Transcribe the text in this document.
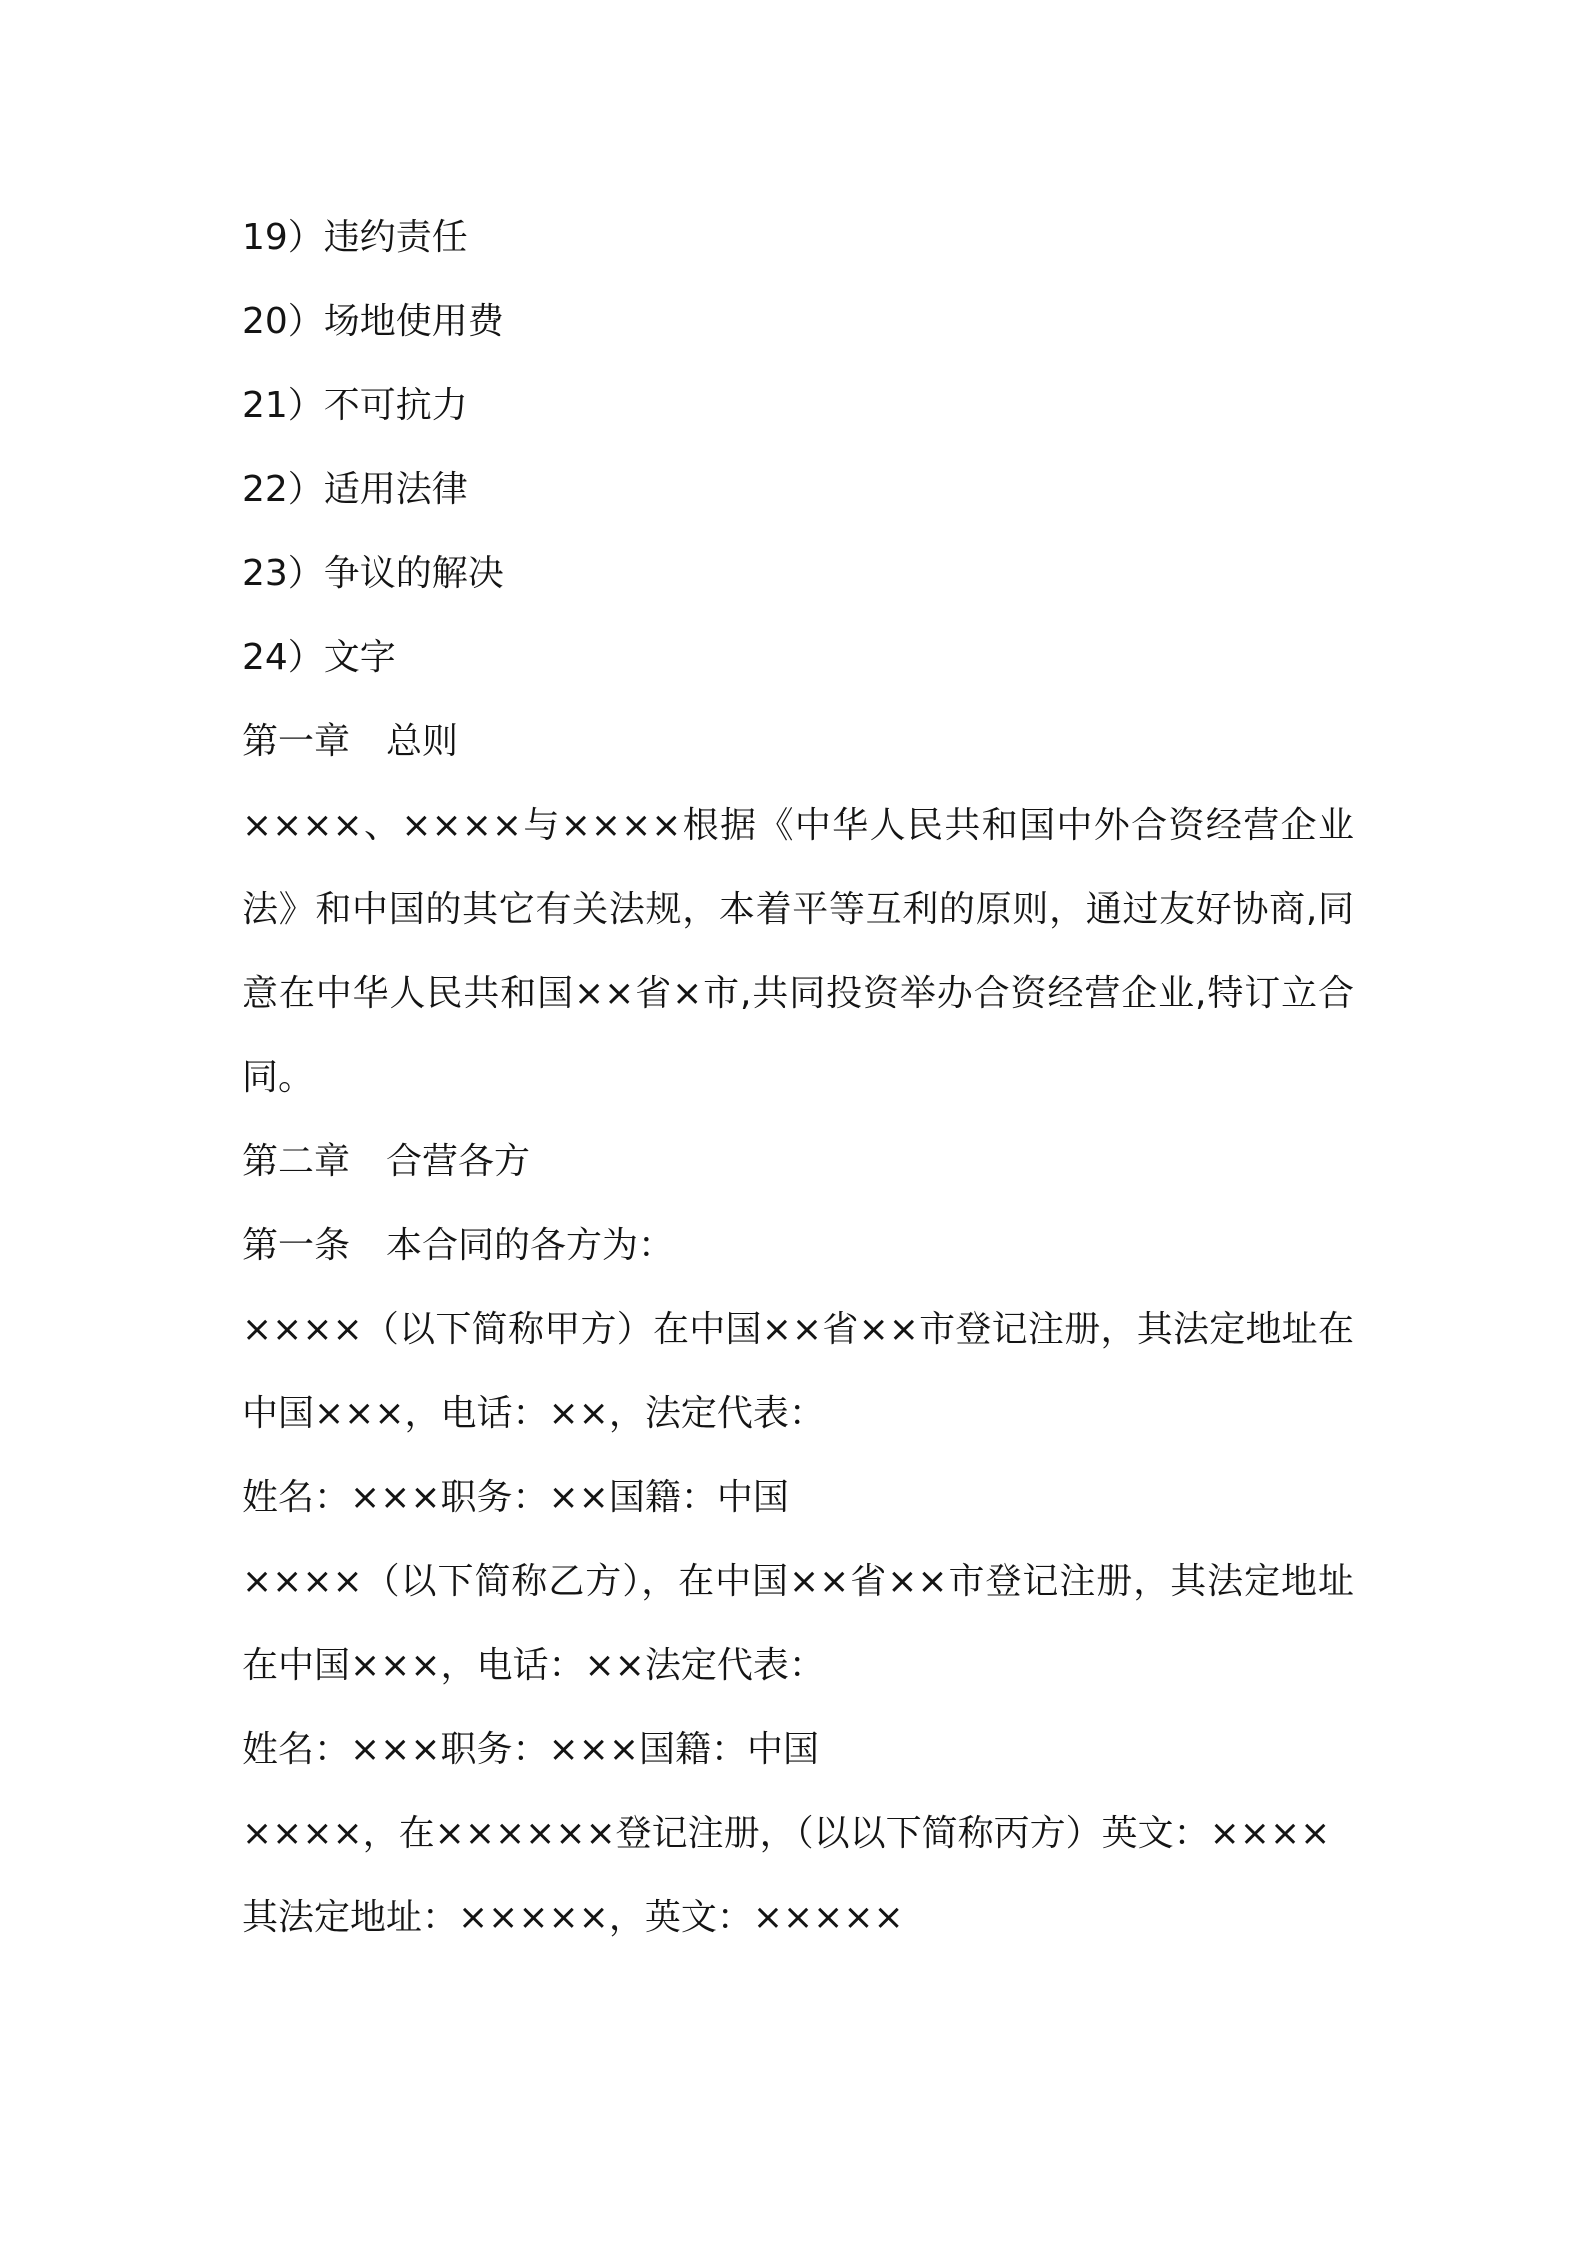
19）违约责任

20）场地使用费

21）不可抗力

22）适用法律

23）争议的解决

24）文字

第一章　总则

××××、××××与××××根据《中华人民共和国中外合资经营企业法》和中国的其它有关法规，本着平等互利的原则，通过友好协商,同意在中华人民共和国××省×市,共同投资举办合资经营企业,特订立合同。

第二章　合营各方

第一条　本合同的各方为：

××××（以下简称甲方）在中国××省××市登记注册，其法定地址在中国×××，电话：××，法定代表：

姓名：×××职务：××国籍：中国

××××（以下简称乙方），在中国××省××市登记注册，其法定地址在中国×××，电话：××法定代表：

姓名：×××职务：×××国籍：中国

××××，在××××××登记注册，（以以下简称丙方）英文：××××

其法定地址：×××××，英文：×××××
